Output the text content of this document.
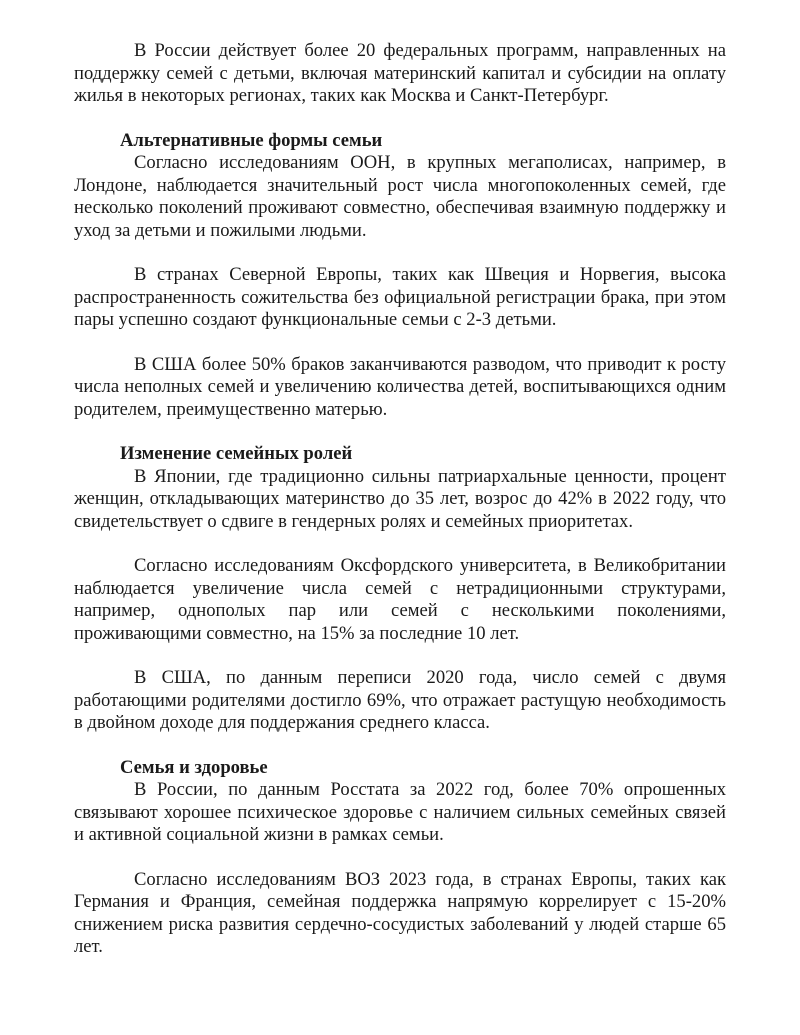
В России действует более 20 федеральных программ, направленных на поддержку семей с детьми, включая материнский капитал и субсидии на оплату жилья в некоторых регионах, таких как Москва и Санкт-Петербург.

Альтернативные формы семьи

Согласно исследованиям ООН, в крупных мегаполисах, например, в Лондоне, наблюдается значительный рост числа многопоколенных семей, где несколько поколений проживают совместно, обеспечивая взаимную поддержку и уход за детьми и пожилыми людьми.

В странах Северной Европы, таких как Швеция и Норвегия, высока распространенность сожительства без официальной регистрации брака, при этом пары успешно создают функциональные семьи с 2-3 детьми.

В США более 50% браков заканчиваются разводом, что приводит к росту числа неполных семей и увеличению количества детей, воспитывающихся одним родителем, преимущественно матерью.

Изменение семейных ролей

В Японии, где традиционно сильны патриархальные ценности, процент женщин, откладывающих материнство до 35 лет, возрос до 42% в 2022 году, что свидетельствует о сдвиге в гендерных ролях и семейных приоритетах.

Согласно исследованиям Оксфордского университета, в Великобритании наблюдается увеличение числа семей с нетрадиционными структурами, например, однополых пар или семей с несколькими поколениями, проживающими совместно, на 15% за последние 10 лет.

В США, по данным переписи 2020 года, число семей с двумя работающими родителями достигло 69%, что отражает растущую необходимость в двойном доходе для поддержания среднего класса.

Семья и здоровье

В России, по данным Росстата за 2022 год, более 70% опрошенных связывают хорошее психическое здоровье с наличием сильных семейных связей и активной социальной жизни в рамках семьи.

Согласно исследованиям ВОЗ 2023 года, в странах Европы, таких как Германия и Франция, семейная поддержка напрямую коррелирует с 15-20% снижением риска развития сердечно-сосудистых заболеваний у людей старше 65 лет.
